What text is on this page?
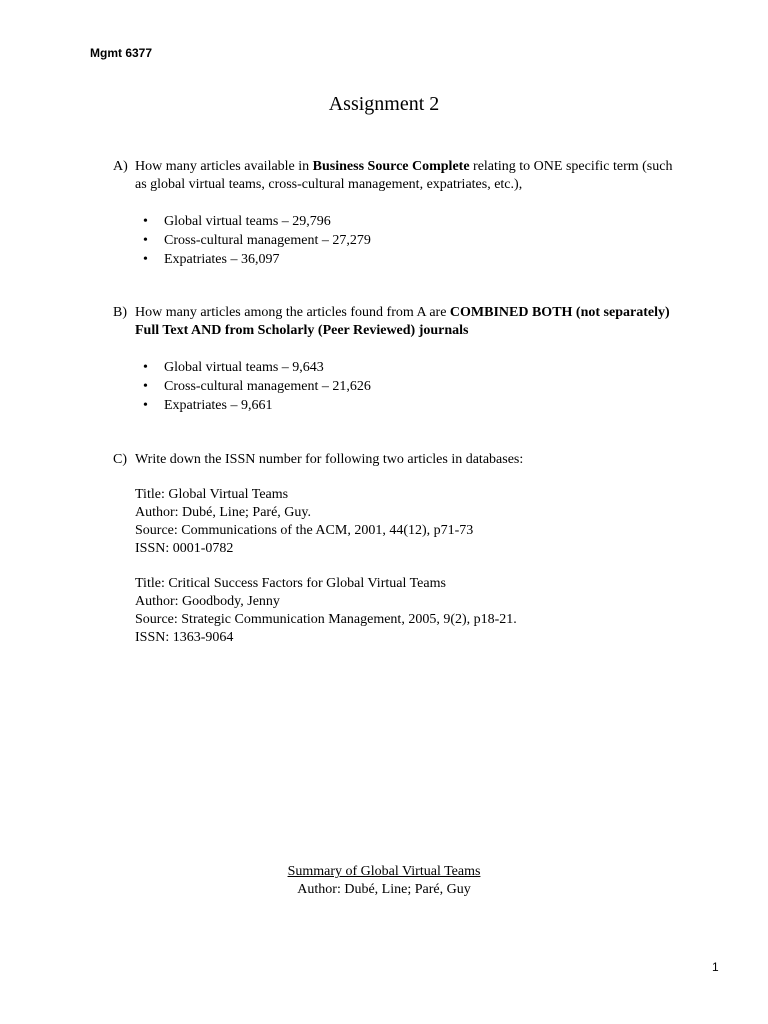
Mgmt 6377
Assignment 2
A) How many articles available in Business Source Complete relating to ONE specific term (such as global virtual teams, cross-cultural management, expatriates, etc.),
• Global virtual teams – 29,796
• Cross-cultural management – 27,279
• Expatriates – 36,097
B) How many articles among the articles found from A are COMBINED BOTH (not separately) Full Text AND from Scholarly (Peer Reviewed) journals
• Global virtual teams – 9,643
• Cross-cultural management – 21,626
• Expatriates – 9,661
C) Write down the ISSN number for following two articles in databases:
Title: Global Virtual Teams
Author: Dubé, Line; Paré, Guy.
Source: Communications of the ACM, 2001, 44(12), p71-73
ISSN: 0001-0782
Title: Critical Success Factors for Global Virtual Teams
Author: Goodbody, Jenny
Source: Strategic Communication Management, 2005, 9(2), p18-21.
ISSN: 1363-9064
Summary of Global Virtual Teams
Author: Dubé, Line; Paré, Guy
1
